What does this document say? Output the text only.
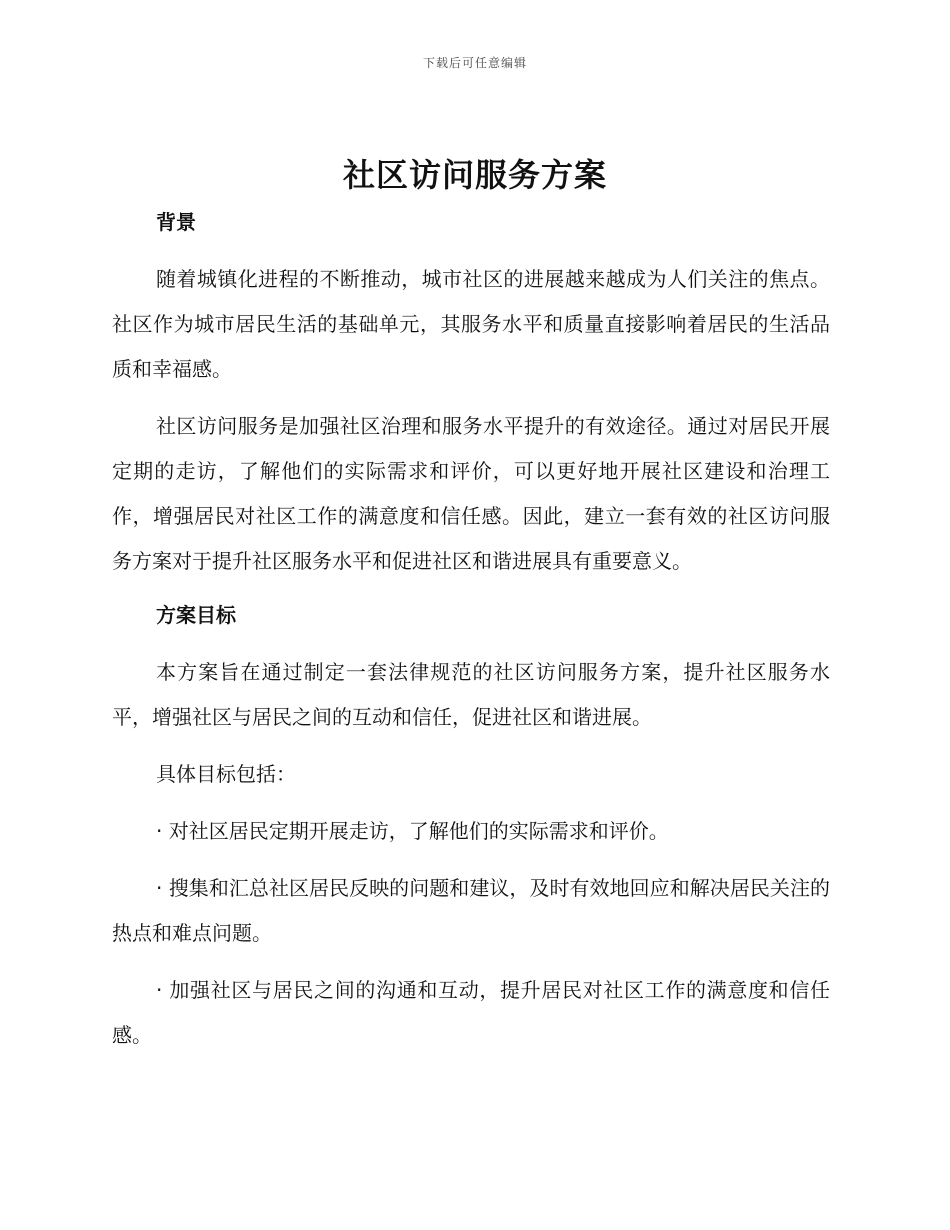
下载后可任意编辑
社区访问服务方案
背景

随着城镇化进程的不断推动，城市社区的进展越来越成为人们关注的焦点。社区作为城市居民生活的基础单元，其服务水平和质量直接影响着居民的生活品质和幸福感。

社区访问服务是加强社区治理和服务水平提升的有效途径。通过对居民开展定期的走访，了解他们的实际需求和评价，可以更好地开展社区建设和治理工作，增强居民对社区工作的满意度和信任感。因此，建立一套有效的社区访问服务方案对于提升社区服务水平和促进社区和谐进展具有重要意义。

方案目标

本方案旨在通过制定一套法律规范的社区访问服务方案，提升社区服务水平，增强社区与居民之间的互动和信任，促进社区和谐进展。

具体目标包括：

· 对社区居民定期开展走访，了解他们的实际需求和评价。

· 搜集和汇总社区居民反映的问题和建议，及时有效地回应和解决居民关注的热点和难点问题。

· 加强社区与居民之间的沟通和互动，提升居民对社区工作的满意度和信任感。
